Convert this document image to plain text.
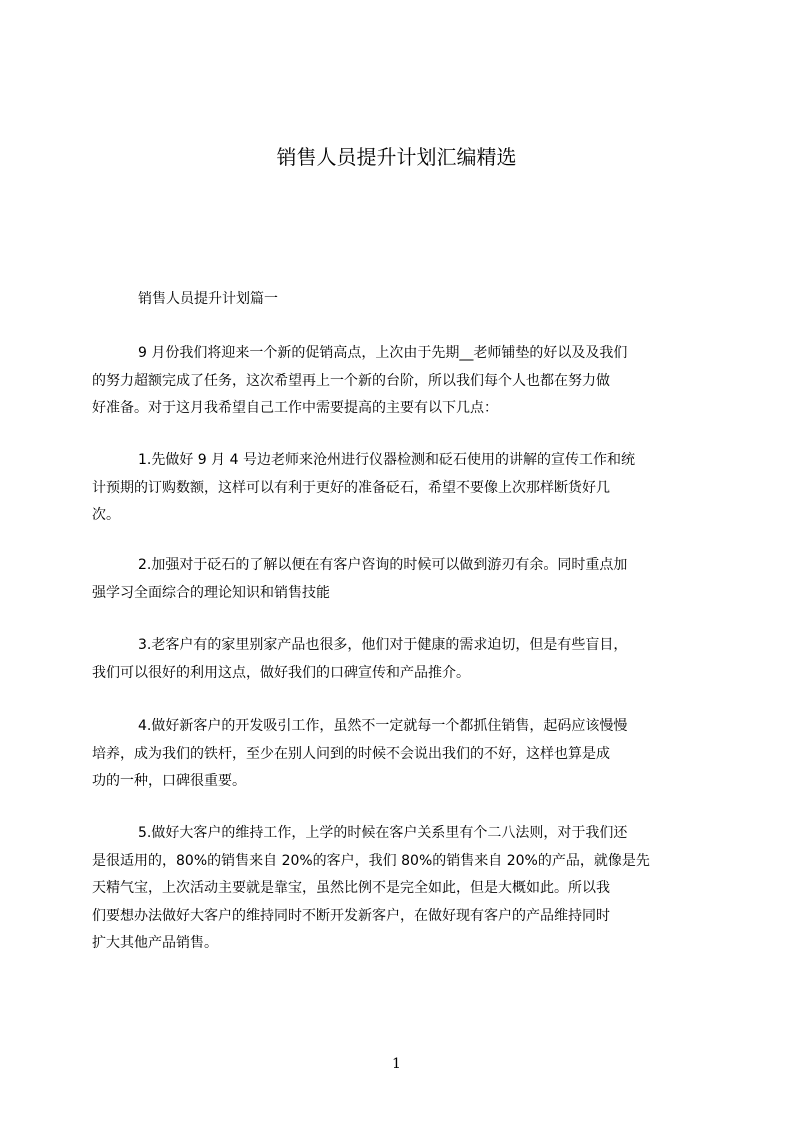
销售人员提升计划汇编精选
销售人员提升计划篇一
9 月份我们将迎来一个新的促销高点，上次由于先期__老师铺垫的好以及及我们
的努力超额完成了任务，这次希望再上一个新的台阶，所以我们每个人也都在努力做
好准备。对于这月我希望自己工作中需要提高的主要有以下几点：
1.先做好 9 月 4 号边老师来沧州进行仪器检测和砭石使用的讲解的宣传工作和统
计预期的订购数额，这样可以有利于更好的准备砭石，希望不要像上次那样断货好几
次。
2.加强对于砭石的了解以便在有客户咨询的时候可以做到游刃有余。同时重点加
强学习全面综合的理论知识和销售技能
3.老客户有的家里别家产品也很多，他们对于健康的需求迫切，但是有些盲目，
我们可以很好的利用这点，做好我们的口碑宣传和产品推介。
4.做好新客户的开发吸引工作，虽然不一定就每一个都抓住销售，起码应该慢慢
培养，成为我们的铁杆，至少在别人问到的时候不会说出我们的不好，这样也算是成
功的一种，口碑很重要。
5.做好大客户的维持工作，上学的时候在客户关系里有个二八法则，对于我们还
是很适用的，80%的销售来自 20%的客户，我们 80%的销售来自 20%的产品，就像是先
天精气宝，上次活动主要就是靠宝，虽然比例不是完全如此，但是大概如此。所以我
们要想办法做好大客户的维持同时不断开发新客户，在做好现有客户的产品维持同时
扩大其他产品销售。
1
